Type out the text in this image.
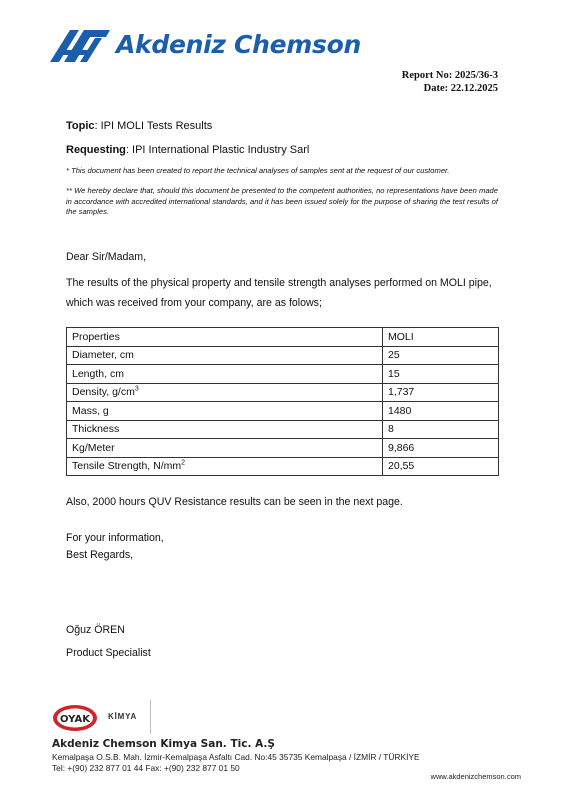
Akdeniz Chemson
Report No: 2025/36-3
Date: 22.12.2025
Topic: IPI MOLI Tests Results
Requesting: IPI International Plastic Industry Sarl
* This document has been created to report the technical analyses of samples sent at the request of our customer.
** We hereby declare that, should this document be presented to the competent authorities, no representations have been made in accordance with accredited international standards, and it has been issued solely for the purpose of sharing the test results of the samples.
Dear Sir/Madam,
The results of the physical property and tensile strength analyses performed on MOLI pipe,
which was received from your company, are as folows;
Properties	MOLI
Diameter, cm	25
Length, cm	15
Density, $g/cm^3$	1,737
Mass, g	1480
Thickness	8
Kg/Meter	9,866
Tensile Strength, $N/mm^2$	20,55
Also, 2000 hours QUV Resistance results can be seen in the next page.
For your information,
Best Regards,
Oğuz ÖREN
Product Specialist
OYAK KİMYA
Akdeniz Chemson Kimya San. Tic. A.Ş
Kemalpaşa O.S.B. Mah. İzmir-Kemalpaşa Asfaltı Cad. No:45 35735 Kemalpaşa / İZMİR / TÜRKİYE
Tel: +(90) 232 877 01 44 Fax: +(90) 232 877 01 50
www.akdenizchemson.com
